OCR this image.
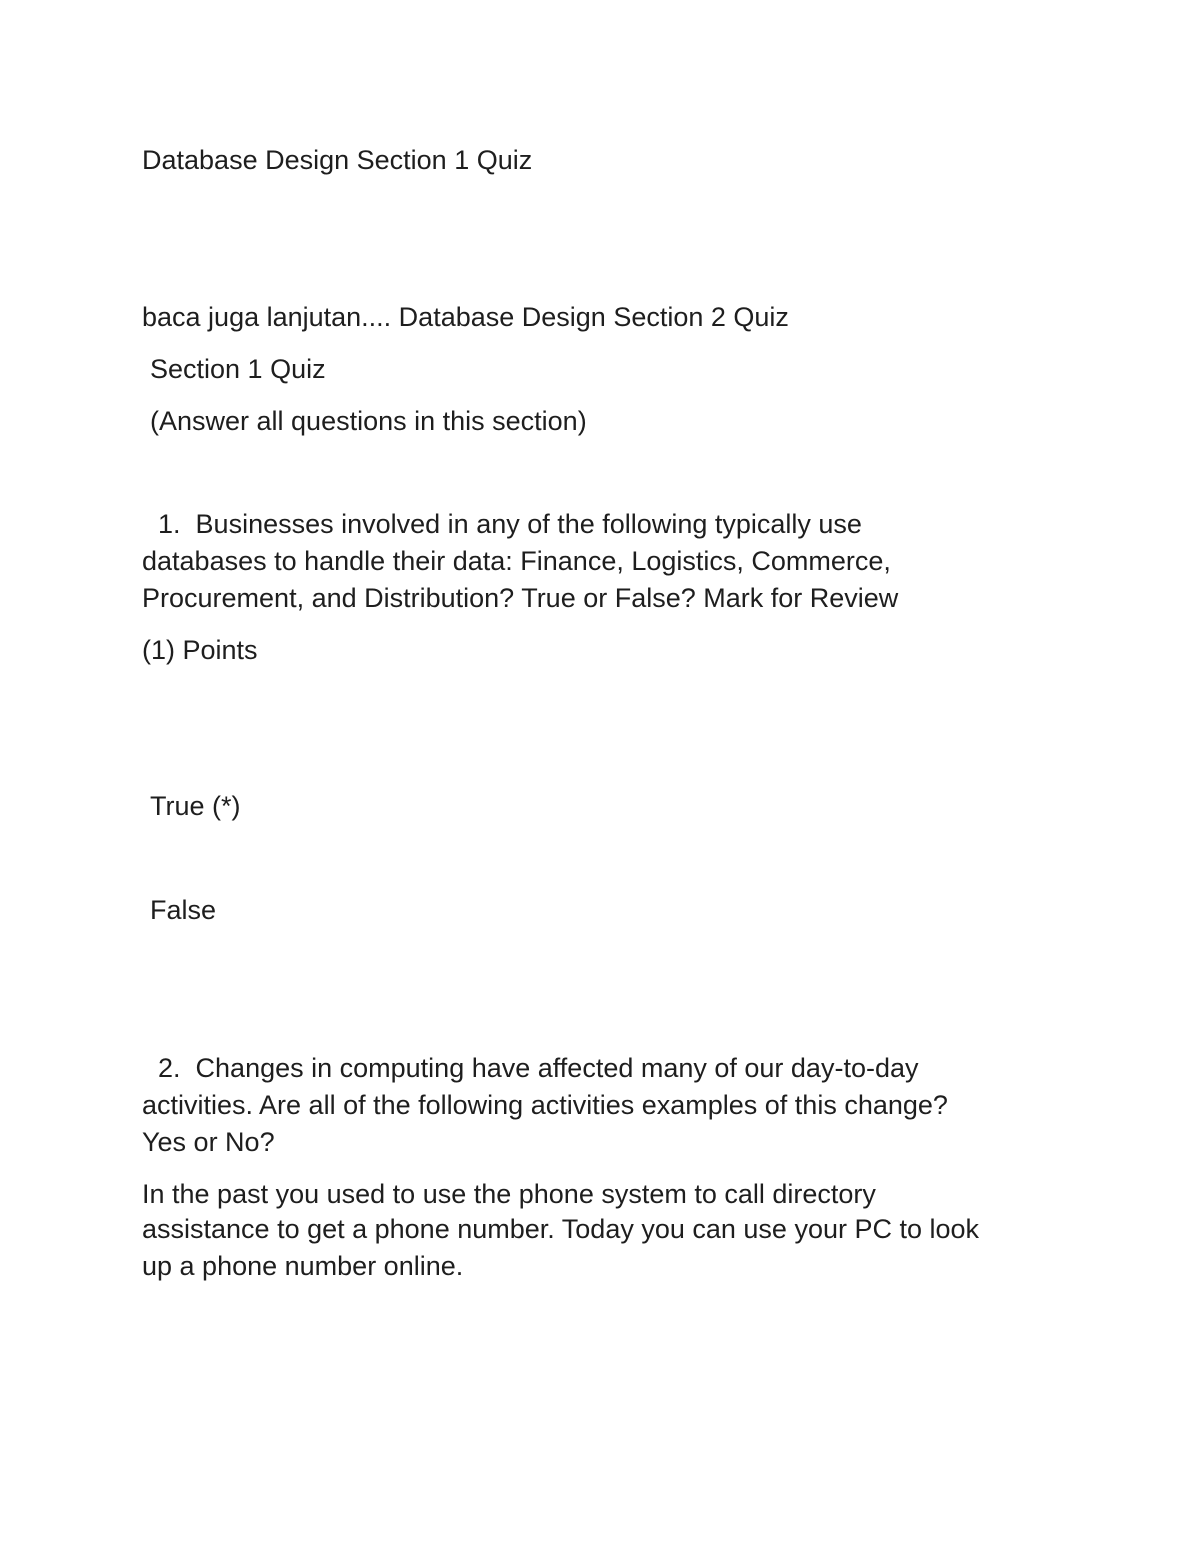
Database Design Section 1 Quiz
baca juga lanjutan.... Database Design Section 2 Quiz
Section 1 Quiz
(Answer all questions in this section)
1. Businesses involved in any of the following typically use
databases to handle their data: Finance, Logistics, Commerce,
Procurement, and Distribution? True or False? Mark for Review
(1) Points
True (*)
False
2. Changes in computing have affected many of our day-to-day
activities. Are all of the following activities examples of this change?
Yes or No?
In the past you used to use the phone system to call directory
assistance to get a phone number. Today you can use your PC to look
up a phone number online.
